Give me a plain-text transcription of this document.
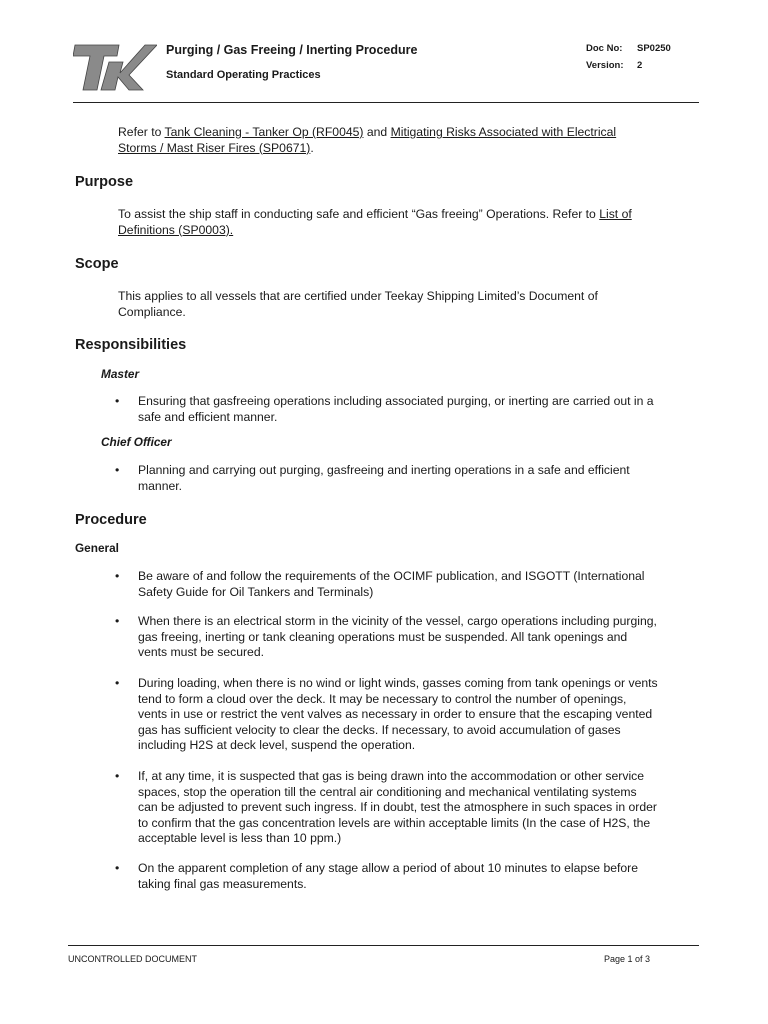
Purging / Gas Freeing / Inerting Procedure
Standard Operating Practices
Doc No: SP0250
Version: 2
Refer to Tank Cleaning - Tanker Op (RF0045) and Mitigating Risks Associated with Electrical
Storms / Mast Riser Fires (SP0671).
Purpose
To assist the ship staff in conducting safe and efficient “Gas freeing” Operations. Refer to List of
Definitions (SP0003).
Scope
This applies to all vessels that are certified under Teekay Shipping Limited’s Document of
Compliance.
Responsibilities
Master
• Ensuring that gasfreeing operations including associated purging, or inerting are carried out in a
safe and efficient manner.
Chief Officer
• Planning and carrying out purging, gasfreeing and inerting operations in a safe and efficient
manner.
Procedure
General
• Be aware of and follow the requirements of the OCIMF publication, and ISGOTT (International
Safety Guide for Oil Tankers and Terminals)
• When there is an electrical storm in the vicinity of the vessel, cargo operations including purging,
gas freeing, inerting or tank cleaning operations must be suspended. All tank openings and
vents must be secured.
• During loading, when there is no wind or light winds, gasses coming from tank openings or vents
tend to form a cloud over the deck. It may be necessary to control the number of openings,
vents in use or restrict the vent valves as necessary in order to ensure that the escaping vented
gas has sufficient velocity to clear the decks. If necessary, to avoid accumulation of gases
including H2S at deck level, suspend the operation.
• If, at any time, it is suspected that gas is being drawn into the accommodation or other service
spaces, stop the operation till the central air conditioning and mechanical ventilating systems
can be adjusted to prevent such ingress. If in doubt, test the atmosphere in such spaces in order
to confirm that the gas concentration levels are within acceptable limits (In the case of H2S, the
acceptable level is less than 10 ppm.)
• On the apparent completion of any stage allow a period of about 10 minutes to elapse before
taking final gas measurements.
UNCONTROLLED DOCUMENT	Page 1 of 3
